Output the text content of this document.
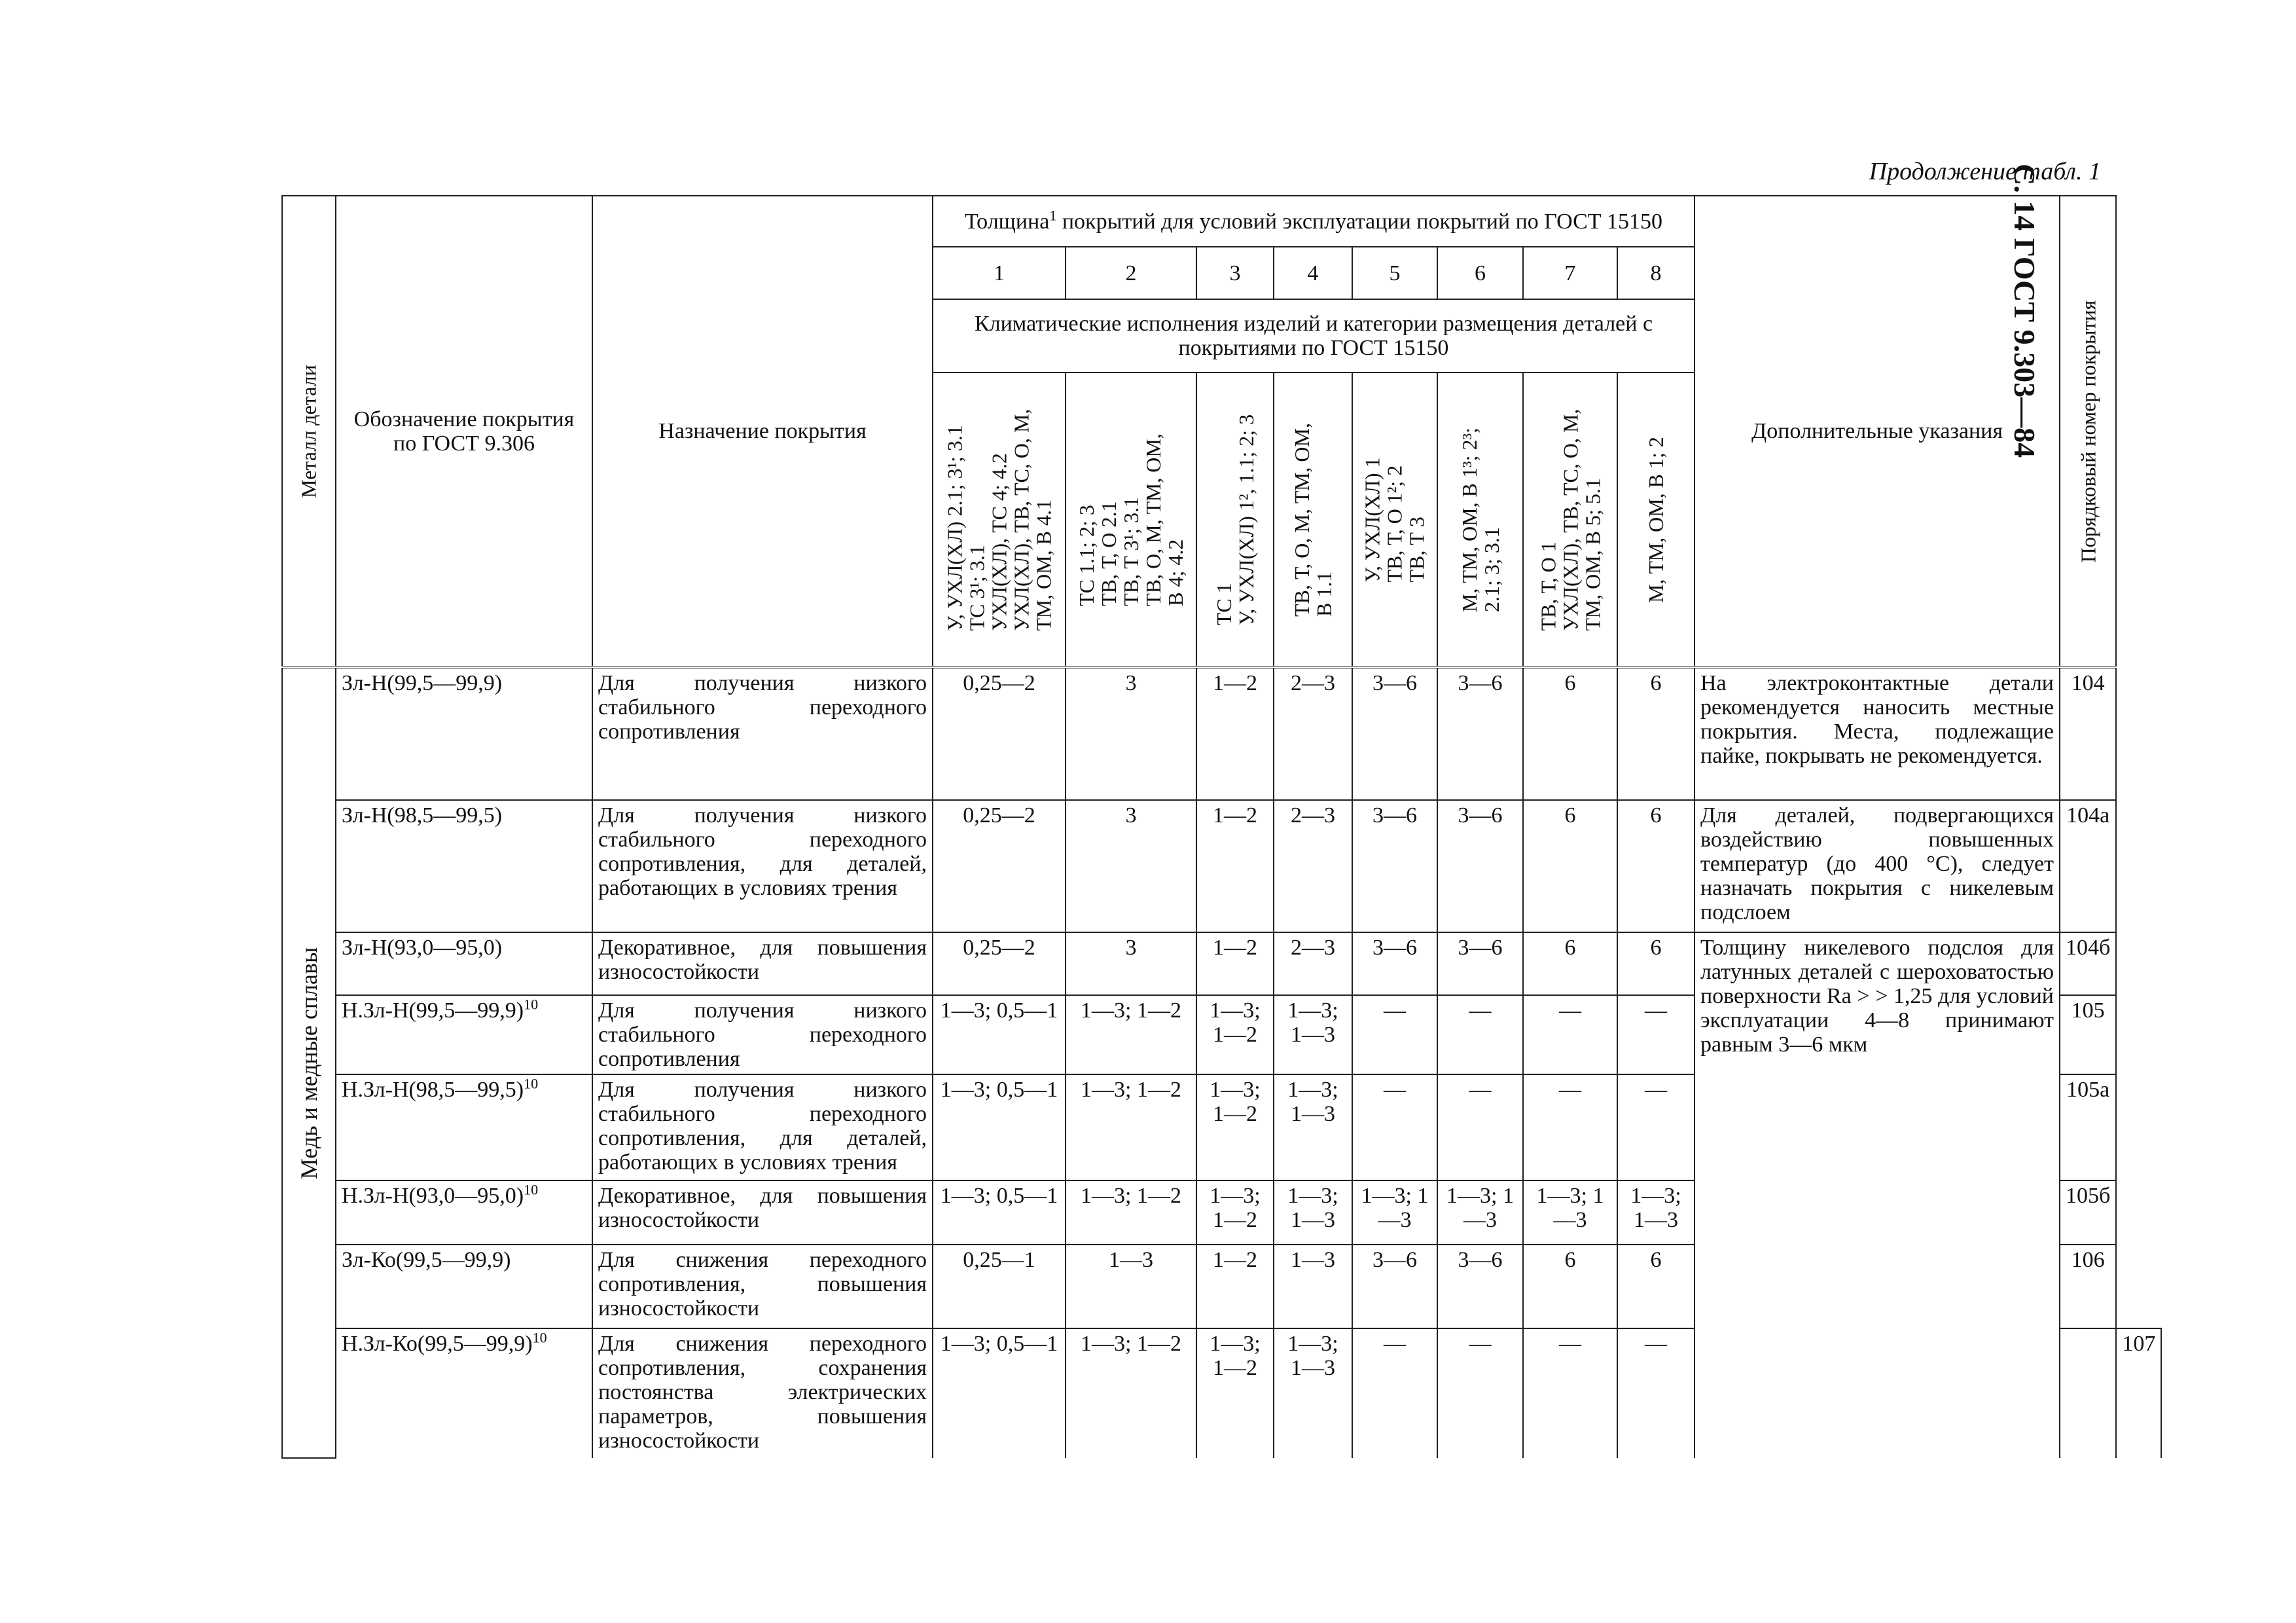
Продолжение табл. 1
С. 14 ГОСТ 9.303—84
Металл детали	Обозначение покрытия по ГОСТ 9.306	Назначение покрытия	Толщина$^1$ покрытий для условий эксплуатации покрытий по ГОСТ 15150								Дополнительные указания	Порядковый номер покрытия	

			1	2	3	4	5	6	7	8			
			Климатические исполнения изделий и категории размещения деталей с покрытиями по ГОСТ 15150										

			У, УХЛ(ХЛ) 2.1; 3¹; 3.1
ТС 3¹; 3.1
УХЛ(ХЛ), ТС 4; 4.2
УХЛ(ХЛ), ТВ, ТС, О, М,
ТМ, ОМ, В 4.1	ТС 1.1; 2; 3
ТВ, Т, О 2.1
ТВ, Т 3¹; 3.1
ТВ, О, М, ТМ, ОМ,
В 4; 4.2	ТС 1
У, УХЛ(ХЛ) 1², 1.1; 2; 3	ТВ, Т, О, М, ТМ, ОМ,
В 1.1	У, УХЛ(ХЛ) 1
ТВ, Т, О 1²; 2
ТВ, Т 3	М, ТМ, ОМ, В 1³; 2³;
2.1; 3; 3.1	ТВ, Т, О 1
УХЛ(ХЛ), ТВ, ТС, О, М,
ТМ, ОМ, В 5; 5.1	М, ТМ, ОМ, В 1; 2			

Медь и медные сплавы	Зл-Н(99,5—99,9)	Для получения низкого стабильного переходного сопротивления	0,25—2	3	1—2	2—3	3—6	3—6	6	6	На электроконтактные детали рекомендуется наносить местные покрытия. Места, подлежащие пайке, покрывать не рекомендуется.	104	
	Зл-Н(98,5—99,5)	Для получения низкого стабильного переходного сопротивления, для деталей, работающих в условиях трения	0,25—2	3	1—2	2—3	3—6	3—6	6	6	Для деталей, подвергающихся воздействию повышенных температур (до 400 °С), следует назначать покрытия с никелевым подслоем	104а	
	Зл-Н(93,0—95,0)	Декоративное, для повышения износостойкости	0,25—2	3	1—2	2—3	3—6	3—6	6	6	Толщину никелевого подслоя для латунных деталей с шероховатостью поверхности Ra > > 1,25 для условий эксплуатации 4—8 принимают равным 3—6 мкм	104б	
	Н.Зл-Н(99,5—99,9)$^{10}$	Для получения низкого стабильного переходного сопротивления	1—3; 0,5—1	1—3; 1—2	1—3; 1—2	1—3; 1—3	—	—	—	—		105	
	Н.Зл-Н(98,5—99,5)$^{10}$	Для получения низкого стабильного переходного сопротивления, для деталей, работающих в условиях трения	1—3; 0,5—1	1—3; 1—2	1—3; 1—2	1—3; 1—3	—	—	—	—		105а	
	Н.Зл-Н(93,0—95,0)$^{10}$	Декоративное, для повышения износостойкости	1—3; 0,5—1	1—3; 1—2	1—3; 1—2	1—3; 1—3	1—3; 1—3	1—3; 1—3	1—3; 1—3	1—3; 1—3		105б	
	Зл-Ко(99,5—99,9)	Для снижения переходного сопротивления, повышения износостойкости	0,25—1	1—3	1—2	1—3	3—6	3—6	6	6		106	
	Н.Зл-Ко(99,5—99,9)$^{10}$	Для снижения переходного сопротивления, сохранения постоянства электрических параметров, повышения износостойкости	1—3; 0,5—1	1—3; 1—2	1—3; 1—2	1—3; 1—3	—	—	—	—			107
